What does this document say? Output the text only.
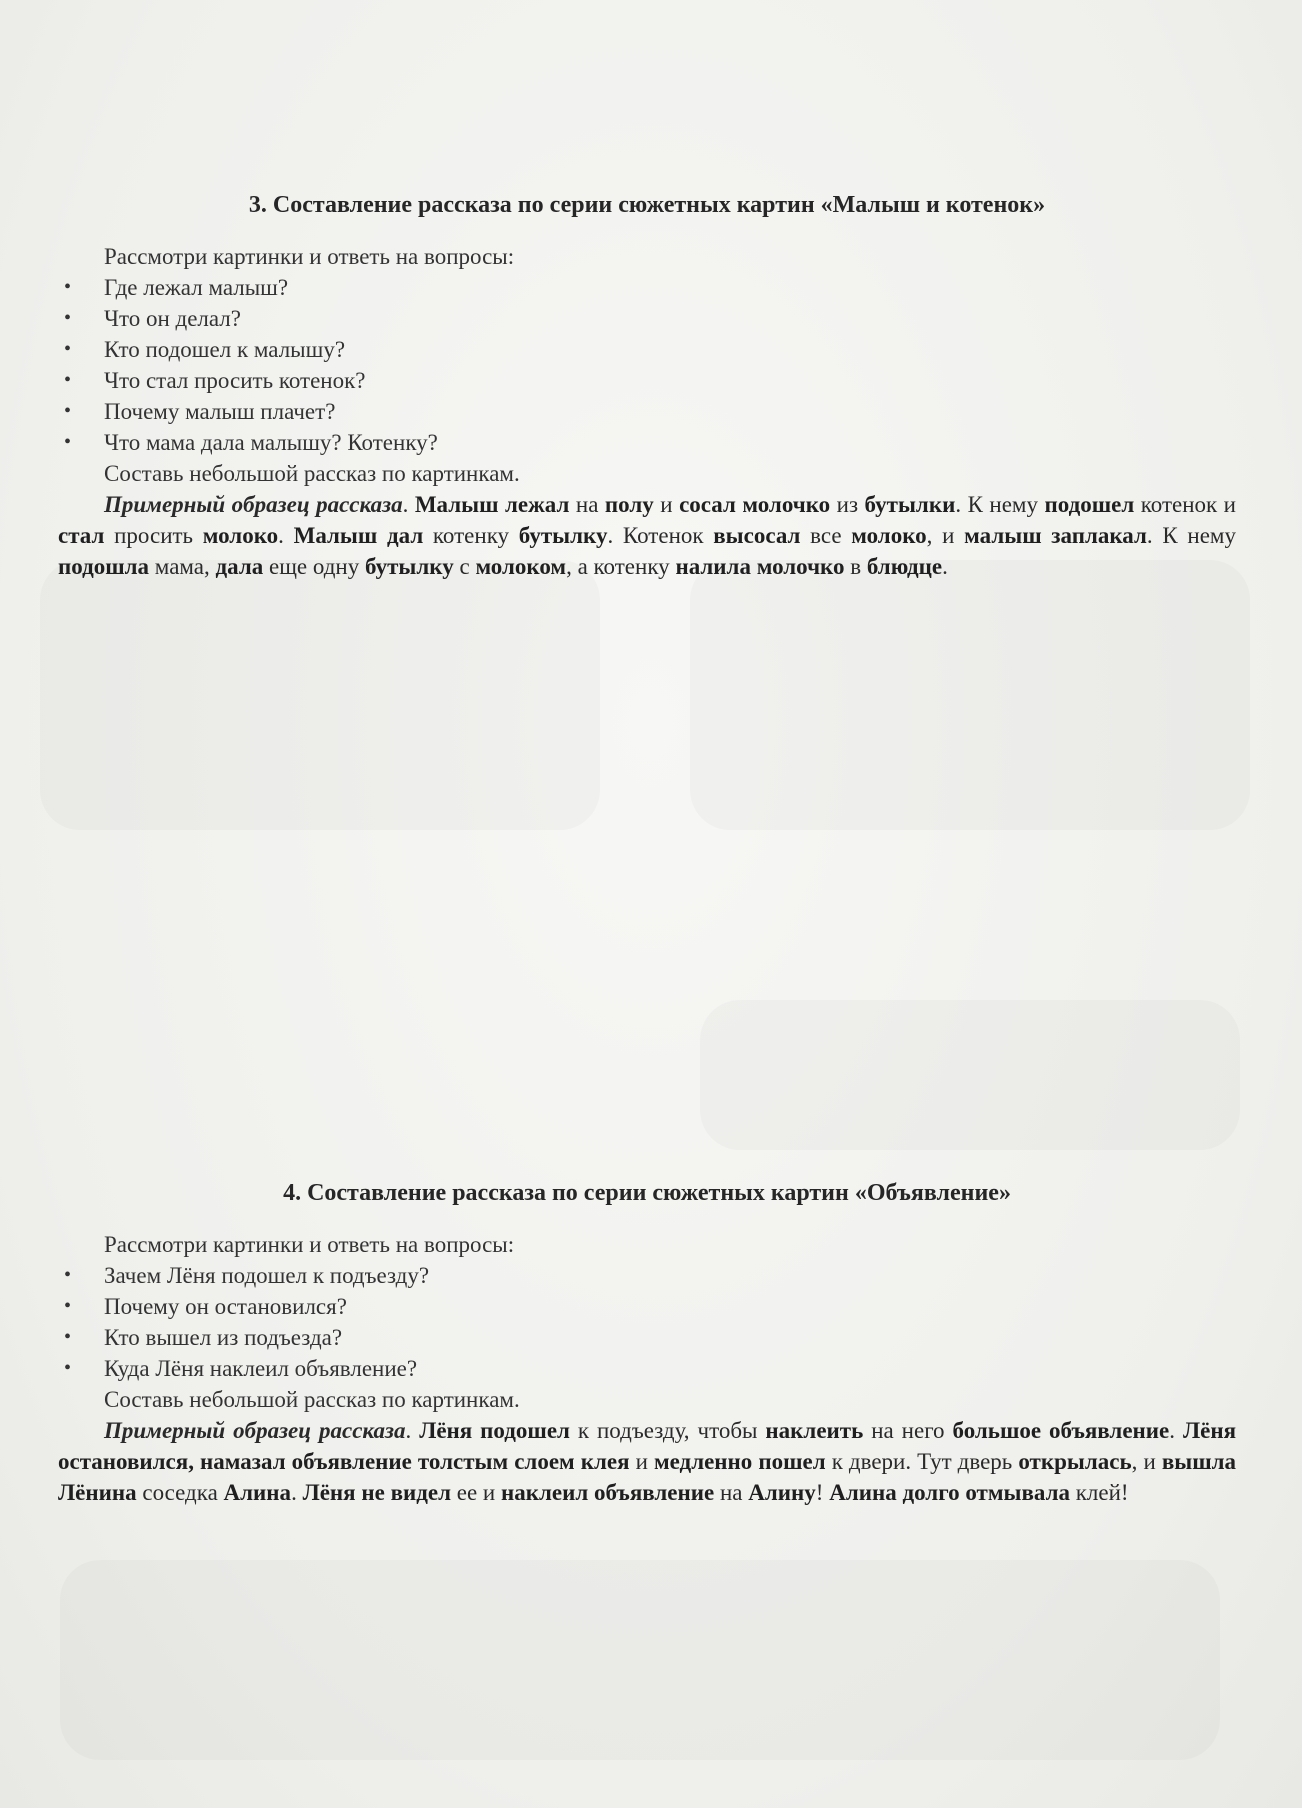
3. Составление рассказа по серии сюжетных картин «Малыш и котенок»

Рассмотри картинки и ответь на вопросы:

• Где лежал малыш?
• Что он делал?
• Кто подошел к малышу?
• Что стал просить котенок?
• Почему малыш плачет?
• Что мама дала малышу? Котенку?

Составь небольшой рассказ по картинкам.

Примерный образец рассказа. Малыш лежал на полу и сосал молочко из бутылки. К нему подошел котенок и стал просить молоко. Малыш дал котенку бутылку. Котенок высосал все молоко, и малыш заплакал. К нему подошла мама, дала еще одну бутылку с молоком, а котенку налила молочко в блюдце.

4. Составление рассказа по серии сюжетных картин «Объявление»

Рассмотри картинки и ответь на вопросы:

• Зачем Лёня подошел к подъезду?
• Почему он остановился?
• Кто вышел из подъезда?
• Куда Лёня наклеил объявление?

Составь небольшой рассказ по картинкам.

Примерный образец рассказа. Лёня подошел к подъезду, чтобы наклеить на него большое объявление. Лёня остановился, намазал объявление толстым слоем клея и медленно пошел к двери. Тут дверь открылась, и вышла Лёнина соседка Алина. Лёня не видел ее и наклеил объявление на Алину! Алина долго отмывала клей!
